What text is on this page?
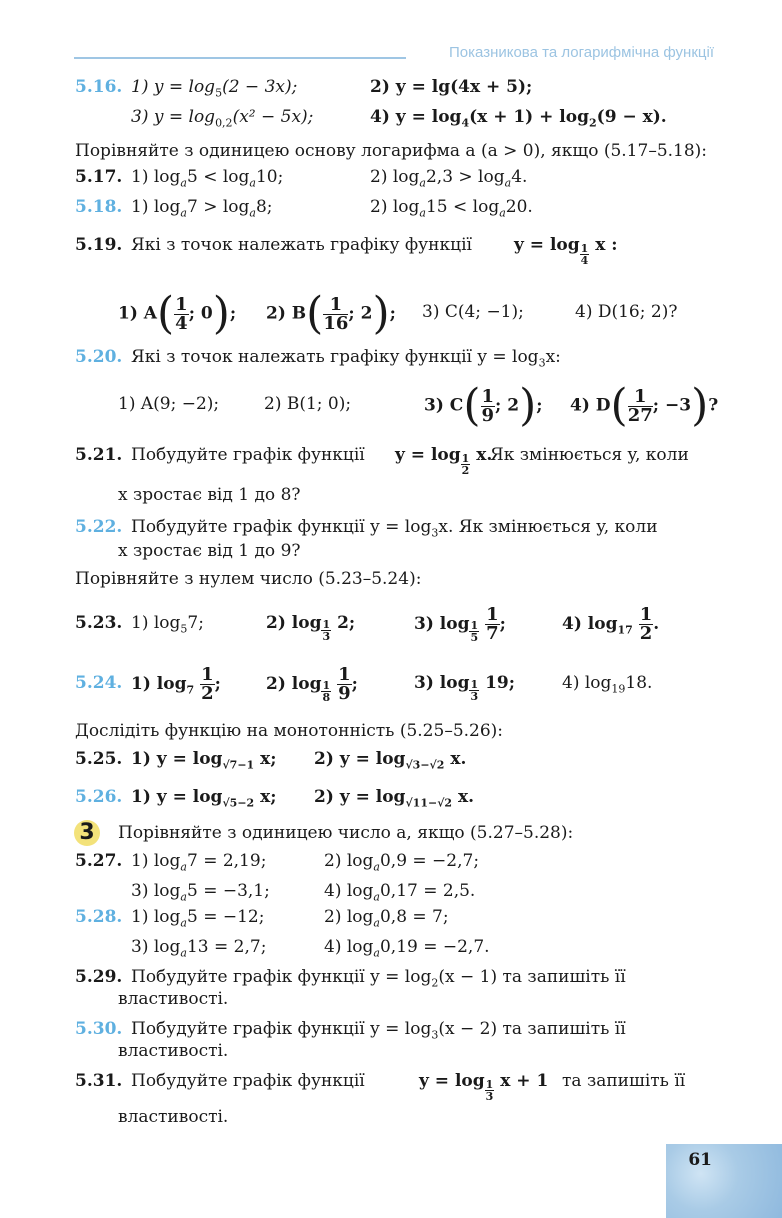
Показникова та логарифмічна функції
5.16. 1) $y = \log_5(2 - 3x)$;	2) y = lg(4x + 5);
3) $y = \log_{0,2}(x^2 - 5x)$;	4) $y = \log_4(x + 1) + \log_2(9 - x)$.
Порівняйте з одиницею основу логарифма a (a > 0), якщо (5.17–5.18):
5.17. 1) $\log_a5 < \log_a10$;	2) $\log_a2,3 > \log_a4$.
5.18. 1) $\log_a7 > \log_a8$;	2) $\log_a15 < \log_a20$.
5.19. Які з точок належать графіку функції $y = \log \frac{1}{4}$ x :
1) $A( \frac{1}{4}$ ; 0); 2) $B( \frac{1}{16}$ ; 2); 3) C(4; −1);	4) D(16; 2)?
5.20. Які з точок належать графіку функції $y = \log_3x$:
1) A(9; −2);	2) B(1; 0);	3) $C( \frac{1}{9}$ ; 2); 4) $D( \frac{1}{27}$ ; −3)?
5.21. Побудуйте графік функції $y = \log \frac{1}{2} x$.
Як змінюється y, коли
x зростає від 1 до 8?
5.22. Побудуйте графік функції $y = \log_3x$. Як змінюється y, коли
x зростає від 1 до 9?
Порівняйте з нулем число (5.23–5.24):
5.23. 1) $\log_57$;	2) $\log \frac{1}{3} 2$;	3) $\log \frac{1}{5}$
$\frac{1}{7}$ ;	4) $\log_{17} \frac{1}{2}$ .
5.24. 1) $\log_7 \frac{1}{2}$ ;	2) $\log \frac{1}{8}$
$\frac{1}{9}$ ;	3) $\log \frac{1}{3} 19$;	4) $\log_{19}18$.
Дослідіть функцію на монотонність (5.25–5.26):
5.25. 1) $y = \log_{√7-1} x$; 2) $y = \log_{√3-√2} x$.
5.26. 1) $y = \log_{√5-2} x$; 2) $y = \log_{√11-√2} x$.
3	Порівняйте з одиницею число a, якщо (5.27–5.28):
5.27. 1) $\log_a7 = 2,19$;	2) $\log_a0,9 = -2,7$;
3) $\log_a5 = -3,1$;	4) $\log_a0,17 = 2,5$.
5.28. 1) $\log_a5 = -12$;	2) $\log_a0,8 = 7$;
3) $\log_a13 = 2,7$;	4) $\log_a0,19 = -2,7$.
5.29. Побудуйте графік функції $y = \log_2(x - 1)$ та запишіть її
властивості.
5.30. Побудуйте графік функції $y = \log_3(x - 2)$ та запишіть її
властивості.
5.31. Побудуйте графік функції	$y = \log \frac{1}{3}$ x + 1 та запишіть її
властивості.
61
